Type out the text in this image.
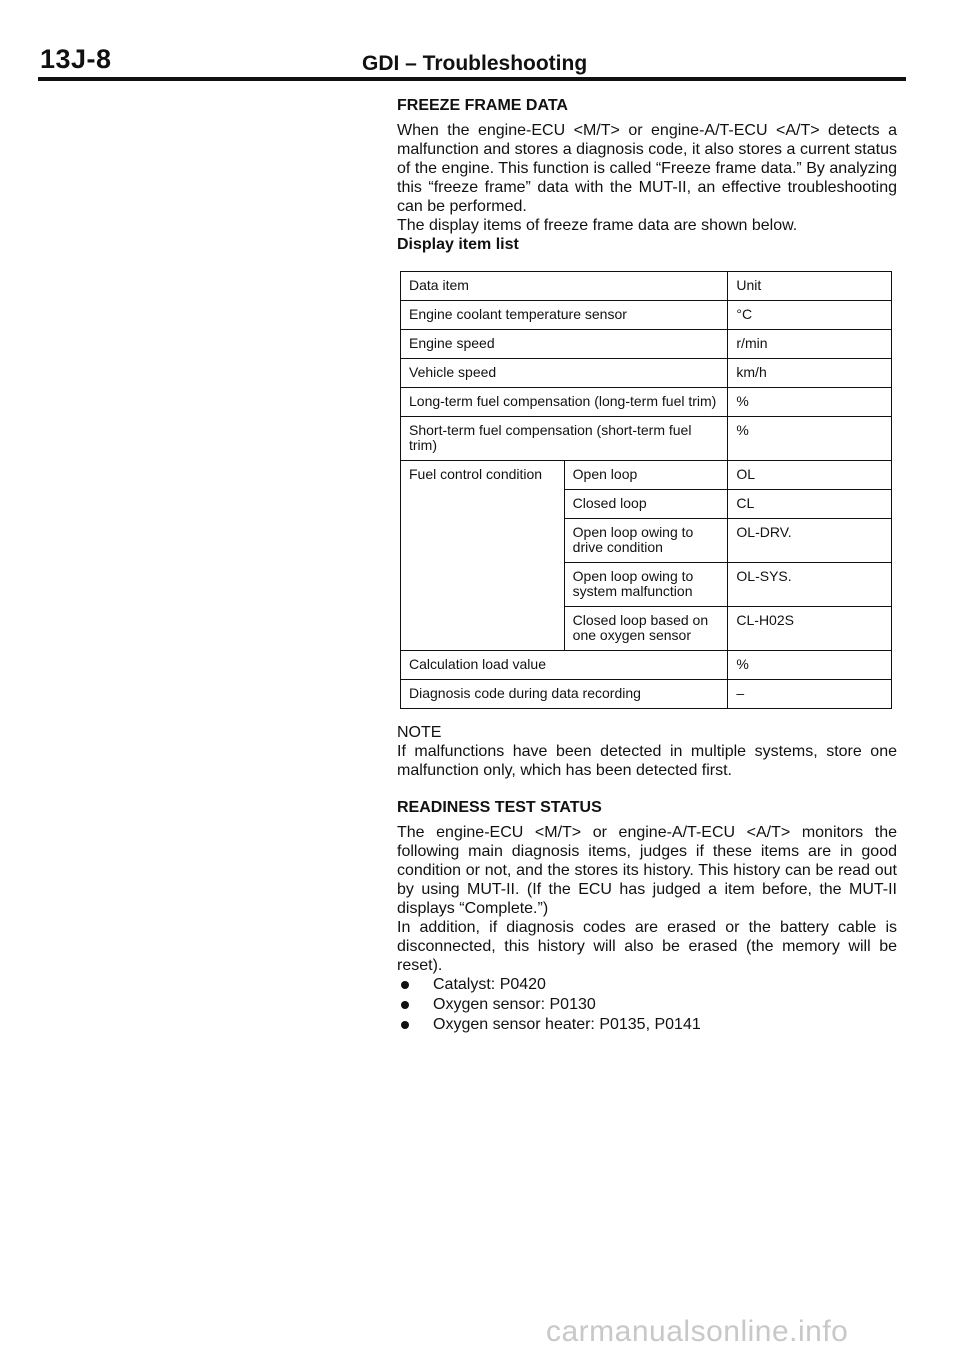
13J-8	GDI – Troubleshooting
FREEZE FRAME DATA

When the engine-ECU <M/T> or engine-A/T-ECU <A/T> detects a malfunction and stores a diagnosis code, it also stores a current status of the engine. This function is called “Freeze frame data.” By analyzing this “freeze frame” data with the MUT-II, an effective troubleshooting can be performed.

The display items of freeze frame data are shown below.

Display item list
Data item		Unit
Engine coolant temperature sensor		°C
Engine speed		r/min
Vehicle speed		km/h
Long-term fuel compensation (long-term fuel trim)		%
Short-term fuel compensation (short-term fuel trim)		%
Fuel control condition	Open loop	OL
	Closed loop	CL
	Open loop owing to drive condition	OL-DRV.
	Open loop owing to system malfunction	OL-SYS.
	Closed loop based on one oxygen sensor	CL-H02S
Calculation load value		%
Diagnosis code during data recording		–
NOTE

If malfunctions have been detected in multiple systems, store one malfunction only, which has been detected first.

READINESS TEST STATUS

The engine-ECU <M/T> or engine-A/T-ECU <A/T> monitors the following main diagnosis items, judges if these items are in good condition or not, and the stores its history. This history can be read out by using MUT-II. (If the ECU has judged a item before, the MUT-II displays “Complete.”)

In addition, if diagnosis codes are erased or the battery cable is disconnected, this history will also be erased (the memory will be reset).

Catalyst: P0420
Oxygen sensor: P0130
Oxygen sensor heater: P0135, P0141
carmanualsonline.info
